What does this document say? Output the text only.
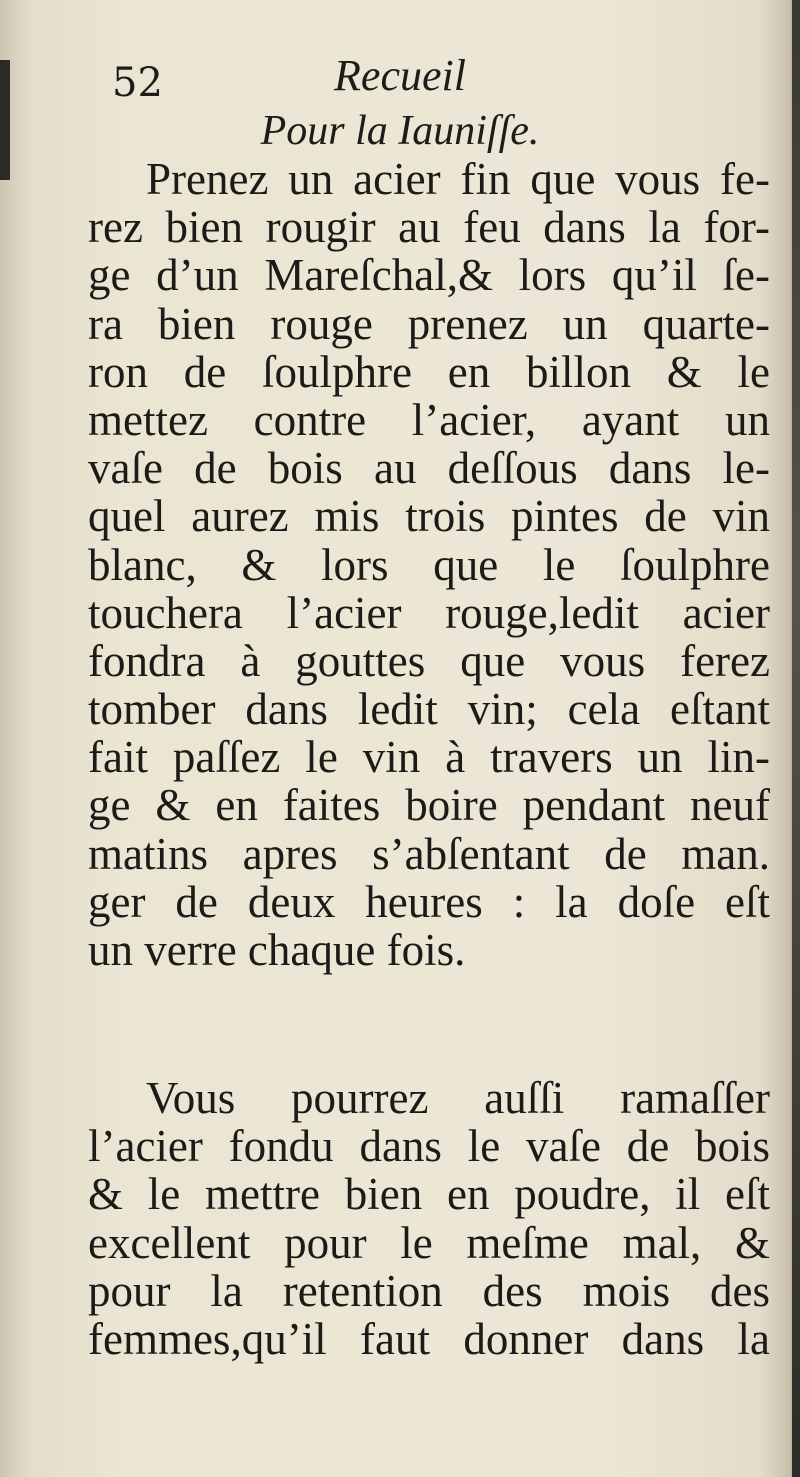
52	Recueil
Pour la Iauniſſe.
Prenez un acier fin que vous fe-
rez bien rougir au feu dans la for-
ge d’un Mareſchal,& lors qu’il ſe-
ra bien rouge prenez un quarte-
ron de ſoulphre en billon & le
mettez contre l’acier, ayant un
vaſe de bois au deſſous dans le-
quel aurez mis trois pintes de vin
blanc, & lors que le ſoulphre
touchera l’acier rouge,ledit acier
fondra à gouttes que vous ferez
tomber dans ledit vin; cela eſtant
fait paſſez le vin à travers un lin-
ge & en faites boire pendant neuf
matins apres s’abſentant de man.
ger de deux heures : la doſe eſt
un verre chaque fois.
Vous pourrez auſſi ramaſſer
l’acier fondu dans le vaſe de bois
& le mettre bien en poudre, il eſt
excellent pour le meſme mal, &
pour la retention des mois des
femmes,qu’il faut donner dans la
